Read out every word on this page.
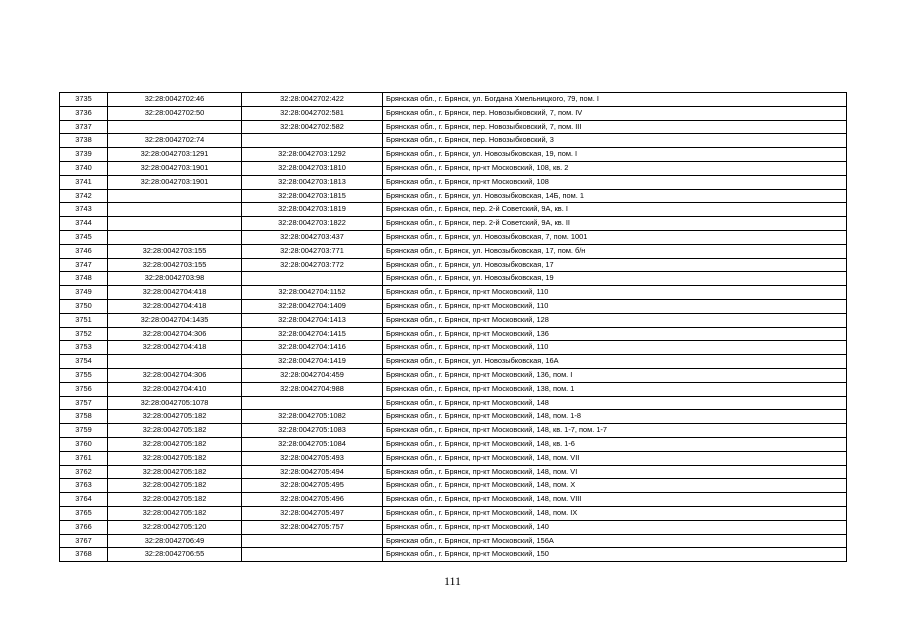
3735	32:28:0042702:46	32:28:0042702:422	Брянская обл., г. Брянск, ул. Богдана Хмельницкого, 79, пом. I
3736	32:28:0042702:50	32:28:0042702:581	Брянская обл., г. Брянск, пер. Новозыбковский, 7, пом. IV
3737		32:28:0042702:582	Брянская обл., г. Брянск, пер. Новозыбковский, 7, пом. III
3738	32:28:0042702:74		Брянская обл., г. Брянск, пер. Новозыбковский, 3
3739	32:28:0042703:1291	32:28:0042703:1292	Брянская обл., г. Брянск, ул. Новозыбковская, 19, пом. I
3740	32:28:0042703:1901	32:28:0042703:1810	Брянская обл., г. Брянск, пр-кт Московский, 108, кв. 2
3741	32:28:0042703:1901	32:28:0042703:1813	Брянская обл., г. Брянск, пр-кт Московский, 108
3742		32:28:0042703:1815	Брянская обл., г. Брянск, ул. Новозыбковская, 14Б, пом. 1
3743		32:28:0042703:1819	Брянская обл., г. Брянск, пер. 2-й Советский, 9А, кв. I
3744		32:28:0042703:1822	Брянская обл., г. Брянск, пер. 2-й Советский, 9А, кв. II
3745		32:28:0042703:437	Брянская обл., г. Брянск, ул. Новозыбковская, 7, пом. 1001
3746	32:28:0042703:155	32:28:0042703:771	Брянская обл., г. Брянск, ул. Новозыбковская, 17, пом. б/н
3747	32:28:0042703:155	32:28:0042703:772	Брянская обл., г. Брянск, ул. Новозыбковская, 17
3748	32:28:0042703:98		Брянская обл., г. Брянск, ул. Новозыбковская, 19
3749	32:28:0042704:418	32:28:0042704:1152	Брянская обл., г. Брянск, пр-кт Московский, 110
3750	32:28:0042704:418	32:28:0042704:1409	Брянская обл., г. Брянск, пр-кт Московский, 110
3751	32:28:0042704:1435	32:28:0042704:1413	Брянская обл., г. Брянск, пр-кт Московский, 128
3752	32:28:0042704:306	32:28:0042704:1415	Брянская обл., г. Брянск, пр-кт Московский, 136
3753	32:28:0042704:418	32:28:0042704:1416	Брянская обл., г. Брянск, пр-кт Московский, 110
3754		32:28:0042704:1419	Брянская обл., г. Брянск, ул. Новозыбковская, 16А
3755	32:28:0042704:306	32:28:0042704:459	Брянская обл., г. Брянск, пр-кт Московский, 136, пом. I
3756	32:28:0042704:410	32:28:0042704:988	Брянская обл., г. Брянск, пр-кт Московский, 138, пом. 1
3757	32:28:0042705:1078		Брянская обл., г. Брянск, пр-кт Московский, 148
3758	32:28:0042705:182	32:28:0042705:1082	Брянская обл., г. Брянск, пр-кт Московский, 148, пом. 1-8
3759	32:28:0042705:182	32:28:0042705:1083	Брянская обл., г. Брянск, пр-кт Московский, 148, кв. 1-7, пом. 1-7
3760	32:28:0042705:182	32:28:0042705:1084	Брянская обл., г. Брянск, пр-кт Московский, 148, кв. 1-6
3761	32:28:0042705:182	32:28:0042705:493	Брянская обл., г. Брянск, пр-кт Московский, 148, пом. VII
3762	32:28:0042705:182	32:28:0042705:494	Брянская обл., г. Брянск, пр-кт Московский, 148, пом. VI
3763	32:28:0042705:182	32:28:0042705:495	Брянская обл., г. Брянск, пр-кт Московский, 148, пом. X
3764	32:28:0042705:182	32:28:0042705:496	Брянская обл., г. Брянск, пр-кт Московский, 148, пом. VIII
3765	32:28:0042705:182	32:28:0042705:497	Брянская обл., г. Брянск, пр-кт Московский, 148, пом. IX
3766	32:28:0042705:120	32:28:0042705:757	Брянская обл., г. Брянск, пр-кт Московский, 140
3767	32:28:0042706:49		Брянская обл., г. Брянск, пр-кт Московский, 156А
3768	32:28:0042706:55		Брянская обл., г. Брянск, пр-кт Московский, 150
111
